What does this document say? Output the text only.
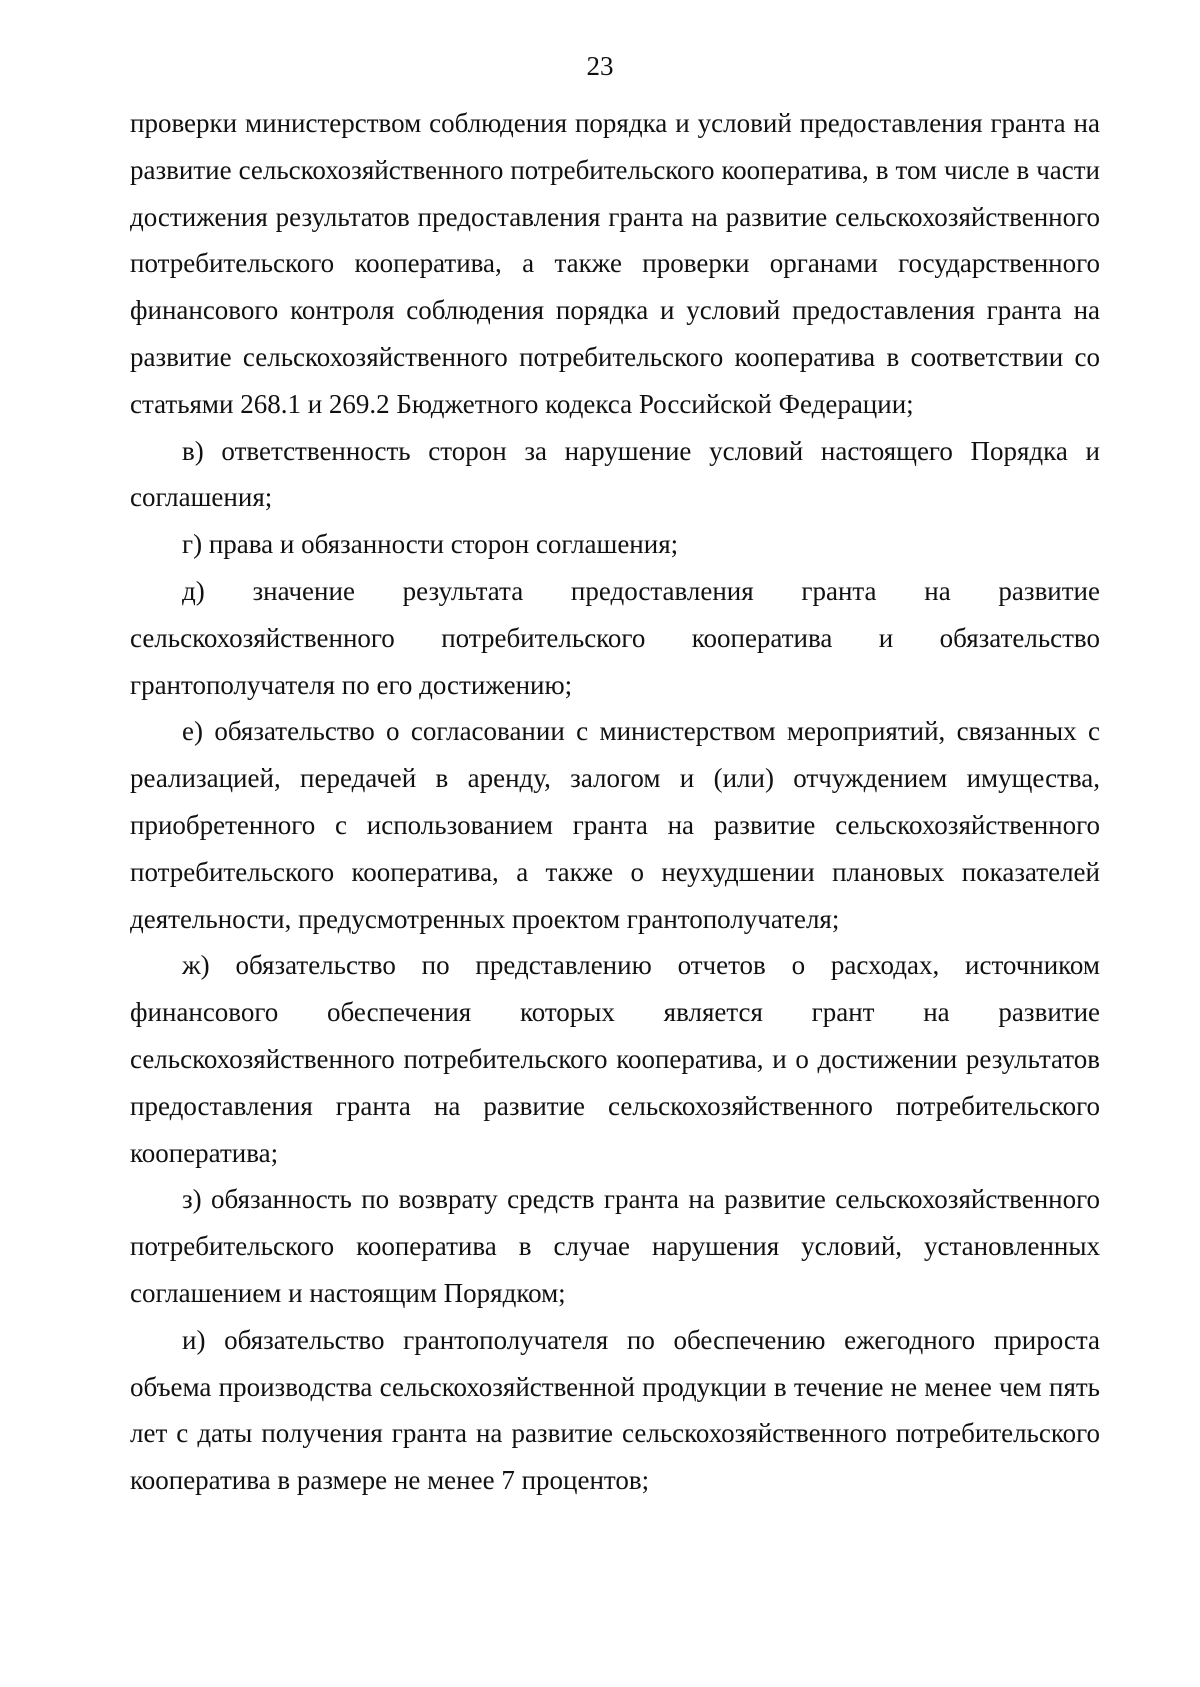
23

проверки министерством соблюдения порядка и условий предоставления гранта на развитие сельскохозяйственного потребительского кооператива, в том числе в части достижения результатов предоставления гранта на развитие сельскохозяйственного потребительского кооператива, а также проверки органами государственного финансового контроля соблюдения порядка и условий предоставления гранта на развитие сельскохозяйственного потребительского кооператива в соответствии со статьями 268.1 и 269.2 Бюджетного кодекса Российской Федерации;

в) ответственность сторон за нарушение условий настоящего Порядка и соглашения;

г) права и обязанности сторон соглашения;

д) значение результата предоставления гранта на развитие сельскохозяйственного потребительского кооператива и обязательство грантополучателя по его достижению;

е) обязательство о согласовании с министерством мероприятий, связанных с реализацией, передачей в аренду, залогом и (или) отчуждением имущества, приобретенного с использованием гранта на развитие сельскохозяйственного потребительского кооператива, а также о неухудшении плановых показателей деятельности, предусмотренных проектом грантополучателя;

ж) обязательство по представлению отчетов о расходах, источником финансового обеспечения которых является грант на развитие сельскохозяйственного потребительского кооператива, и о достижении результатов предоставления гранта на развитие сельскохозяйственного потребительского кооператива;

з) обязанность по возврату средств гранта на развитие сельскохозяйственного потребительского кооператива в случае нарушения условий, установленных соглашением и настоящим Порядком;

и) обязательство грантополучателя по обеспечению ежегодного прироста объема производства сельскохозяйственной продукции в течение не менее чем пять лет с даты получения гранта на развитие сельскохозяйственного потребительского кооператива в размере не менее 7 процентов;
